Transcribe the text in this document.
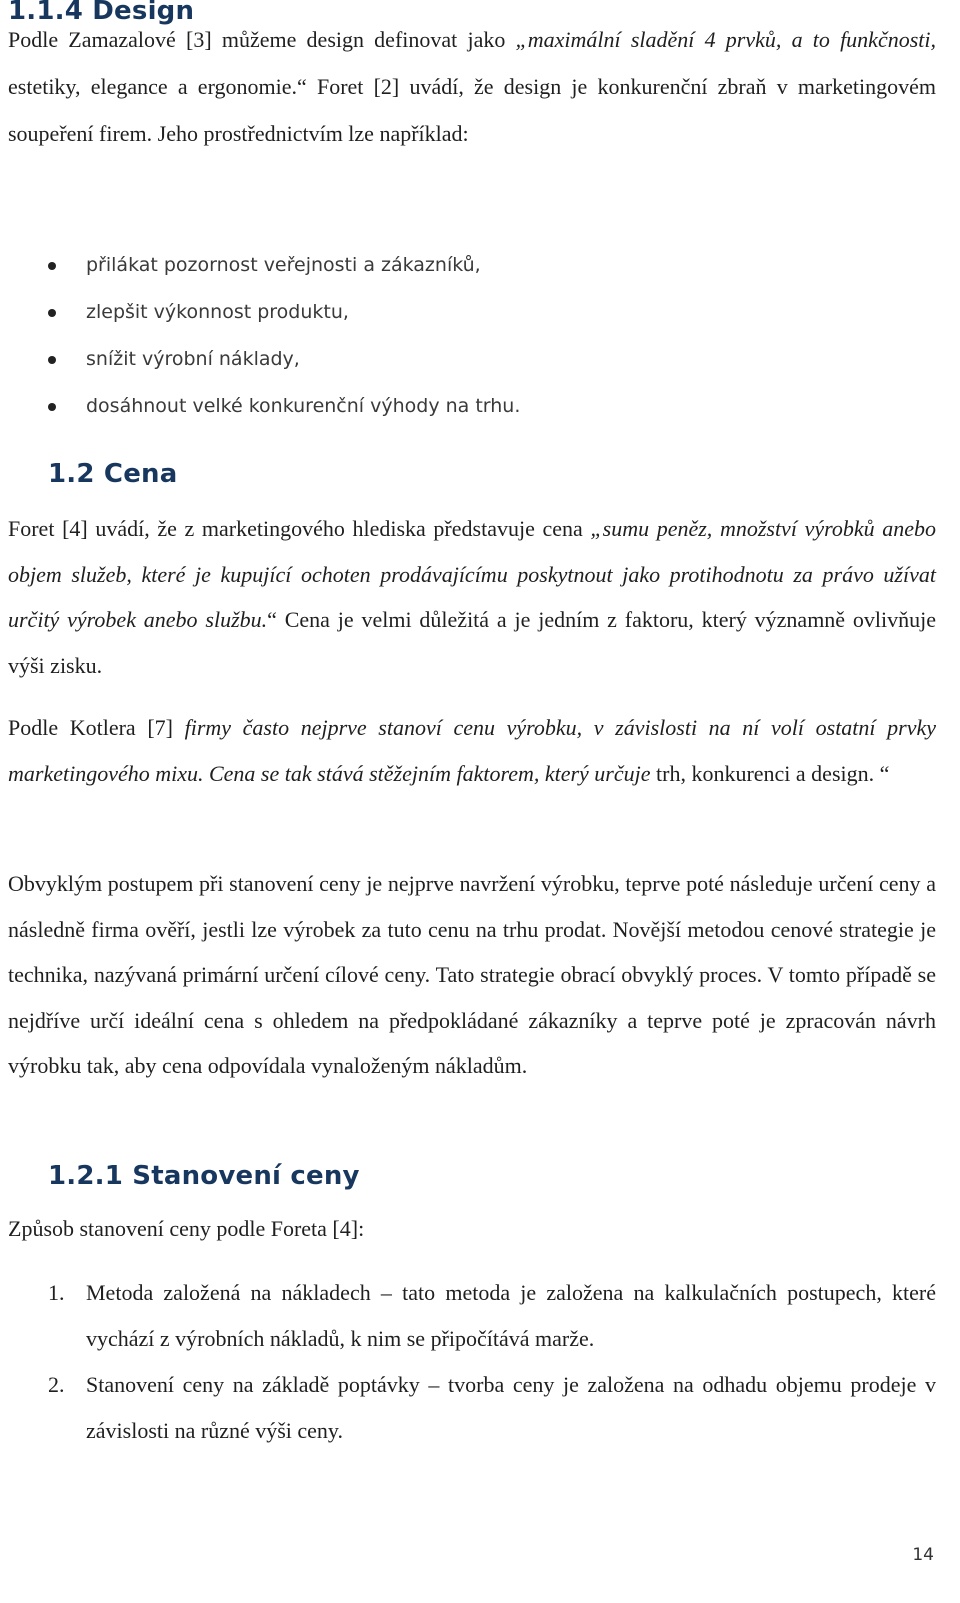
1.1.4 Design

Podle Zamazalové [3] můžeme design definovat jako „maximální sladění 4 prvků, a to funkčnosti, estetiky, elegance a ergonomie.“ Foret [2] uvádí, že design je konkurenční zbraň v marketingovém soupeření firem. Jeho prostřednictvím lze například:

přilákat pozornost veřejnosti a zákazníků,
zlepšit výkonnost produktu,
snížit výrobní náklady,
dosáhnout velké konkurenční výhody na trhu.
1.2 Cena

Foret [4] uvádí, že z marketingového hlediska představuje cena „sumu peněz, množství výrobků anebo objem služeb, které je kupující ochoten prodávajícímu poskytnout jako protihodnotu za právo užívat určitý výrobek anebo službu.“ Cena je velmi důležitá a je jedním z faktoru, který významně ovlivňuje výši zisku.

Podle Kotlera [7] firmy často nejprve stanoví cenu výrobku, v závislosti na ní volí ostatní prvky marketingového mixu. Cena se tak stává stěžejním faktorem, který určuje trh, konkurenci a design. “

Obvyklým postupem při stanovení ceny je nejprve navržení výrobku, teprve poté následuje určení ceny a následně firma ověří, jestli lze výrobek za tuto cenu na trhu prodat. Novější metodou cenové strategie je technika, nazývaná primární určení cílové ceny. Tato strategie obrací obvyklý proces. V tomto případě se nejdříve určí ideální cena s ohledem na předpokládané zákazníky a teprve poté je zpracován návrh výrobku tak, aby cena odpovídala vynaloženým nákladům.

1.2.1 Stanovení ceny

Způsob stanovení ceny podle Foreta [4]:

1. Metoda založená na nákladech – tato metoda je založena na kalkulačních postupech, které vychází z výrobních nákladů, k nim se připočítává marže.
2. Stanovení ceny na základě poptávky – tvorba ceny je založena na odhadu objemu prodeje v závislosti na různé výši ceny.
14
